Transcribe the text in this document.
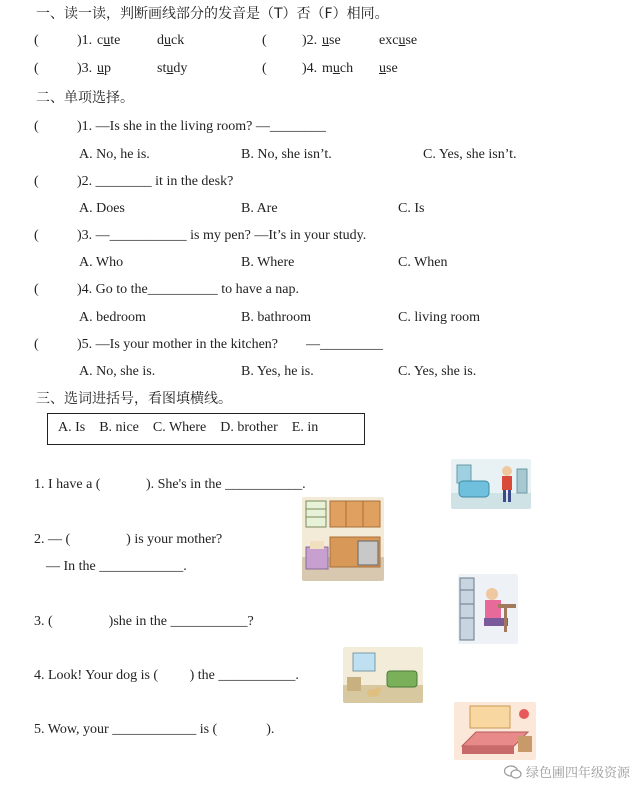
一、读一读，判断画线部分的发音是（T）否（F）相同。
(	)1. cute	duck	(	)2. use	excuse
(	)3. up	study	(	)4. much use
二、单项选择。
(	)1. —Is she in the living room? —________
A. No, he is.	B. No, she isn’t.	C. Yes, she isn’t.
(	)2. ________ it in the desk?
A. Does	B. Are	C. Is
(	)3. —___________ is my pen? —It’s in your study.
A. Who	B. Where	C. When
(	)4. Go to the__________ to have a nap.
A. bedroom	B. bathroom	C. living room
(	)5. —Is your mother in the kitchen?        —_________
A. No, she is.	B. Yes, he is.	C. Yes, she is.
三、选词进括号，看图填横线。
A. Is    B. nice    C. Where    D. brother    E. in
1. I have a (             ). She's in the ___________.
2. — (                ) is your mother?
— In the ____________.
3. (                )she in the ___________?
4. Look! Your dog is (         ) the ___________.
5. Wow, your ____________ is (              ).
绿色圃四年级资源
